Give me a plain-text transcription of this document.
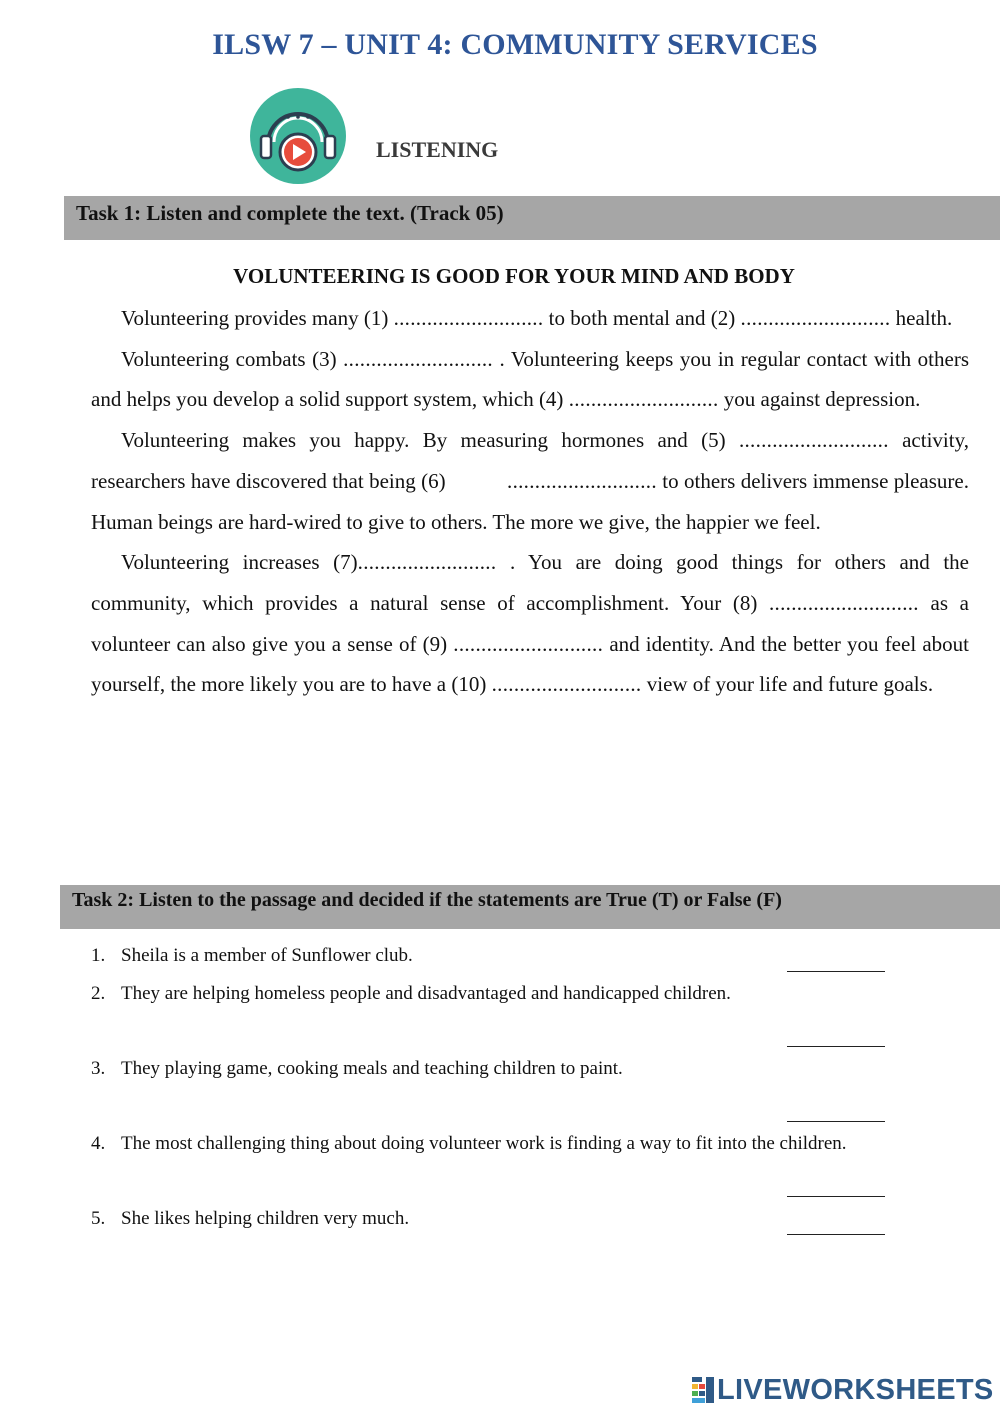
ILSW 7 – UNIT 4: COMMUNITY SERVICES
LISTENING
Task 1: Listen and complete the text. (Track 05)
VOLUNTEERING IS GOOD FOR YOUR MIND AND BODY

Volunteering provides many (1) ........................... to both mental and (2) ........................... health.

Volunteering combats (3) ........................... . Volunteering keeps you in regular contact with others and helps you develop a solid support system, which (4) ........................... you against depression.

Volunteering makes you happy. By measuring hormones and (5) ........................... activity, researchers have discovered that being (6)	........................... to others delivers immense pleasure. Human beings are hard-wired to give to others. The more we give, the happier we feel.

Volunteering increases (7)......................... . You are doing good things for others and the community, which provides a natural sense of accomplishment. Your (8) ........................... as a volunteer can also give you a sense of (9) ........................... and identity. And the better you feel about yourself, the more likely you are to have a (10) ........................... view of your life and future goals.

Task 2: Listen to the passage and decided if the statements are True (T) or False (F)
1. Sheila is a member of Sunflower club.
2. They are helping homeless people and disadvantaged and handicapped children.
3. They playing game, cooking meals and teaching children to paint.
4. The most challenging thing about doing volunteer work is finding a way to fit into the children.
5. She likes helping children very much.
LIVEWORKSHEETS
